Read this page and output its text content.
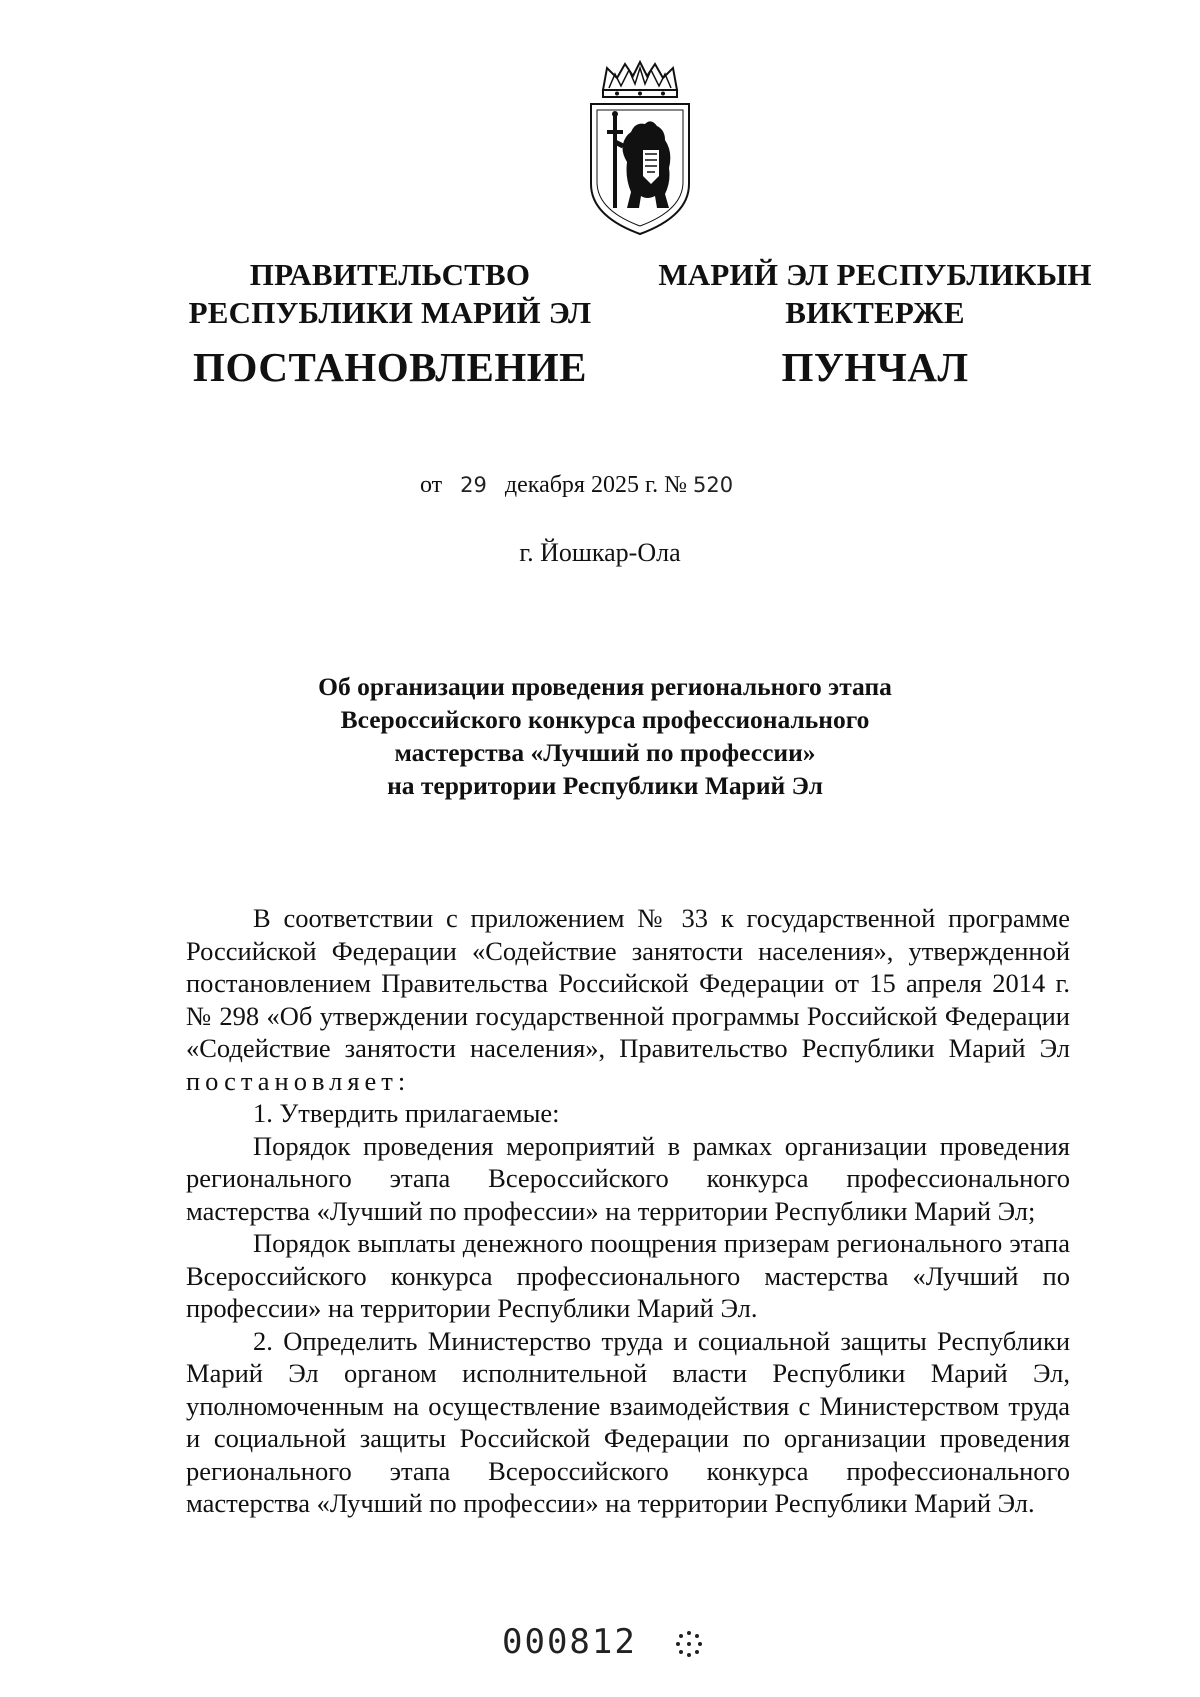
ПРАВИТЕЛЬСТВО
РЕСПУБЛИКИ МАРИЙ ЭЛ
ПОСТАНОВЛЕНИЕ
МАРИЙ ЭЛ РЕСПУБЛИКЫН
ВИКТЕРЖЕ
ПУНЧАЛ
от 29 декабря 2025 г. № 520
г. Йошкар-Ола
Об организации проведения регионального этапа
Всероссийского конкурса профессионального
мастерства «Лучший по профессии»
на территории Республики Марий Эл

В соответствии с приложением № 33 к государственной программе Российской Федерации «Содействие занятости населения», утвержденной постановлением Правительства Российской Федерации от 15 апреля 2014 г. № 298 «Об утверждении государственной программы Российской Федерации «Содействие занятости населения», Правительство Республики Марий Эл постановляет:

1. Утвердить прилагаемые:

Порядок проведения мероприятий в рамках организации проведения регионального этапа Всероссийского конкурса профессионального мастерства «Лучший по профессии» на территории Республики Марий Эл;

Порядок выплаты денежного поощрения призерам регионального этапа Всероссийского конкурса профессионального мастерства «Лучший по профессии» на территории Республики Марий Эл.

2. Определить Министерство труда и социальной защиты Республики Марий Эл органом исполнительной власти Республики Марий Эл, уполномоченным на осуществление взаимодействия с Министерством труда и социальной защиты Российской Федерации по организации проведения регионального этапа Всероссийского конкурса профессионального мастерства «Лучший по профессии» на территории Республики Марий Эл.

000812
